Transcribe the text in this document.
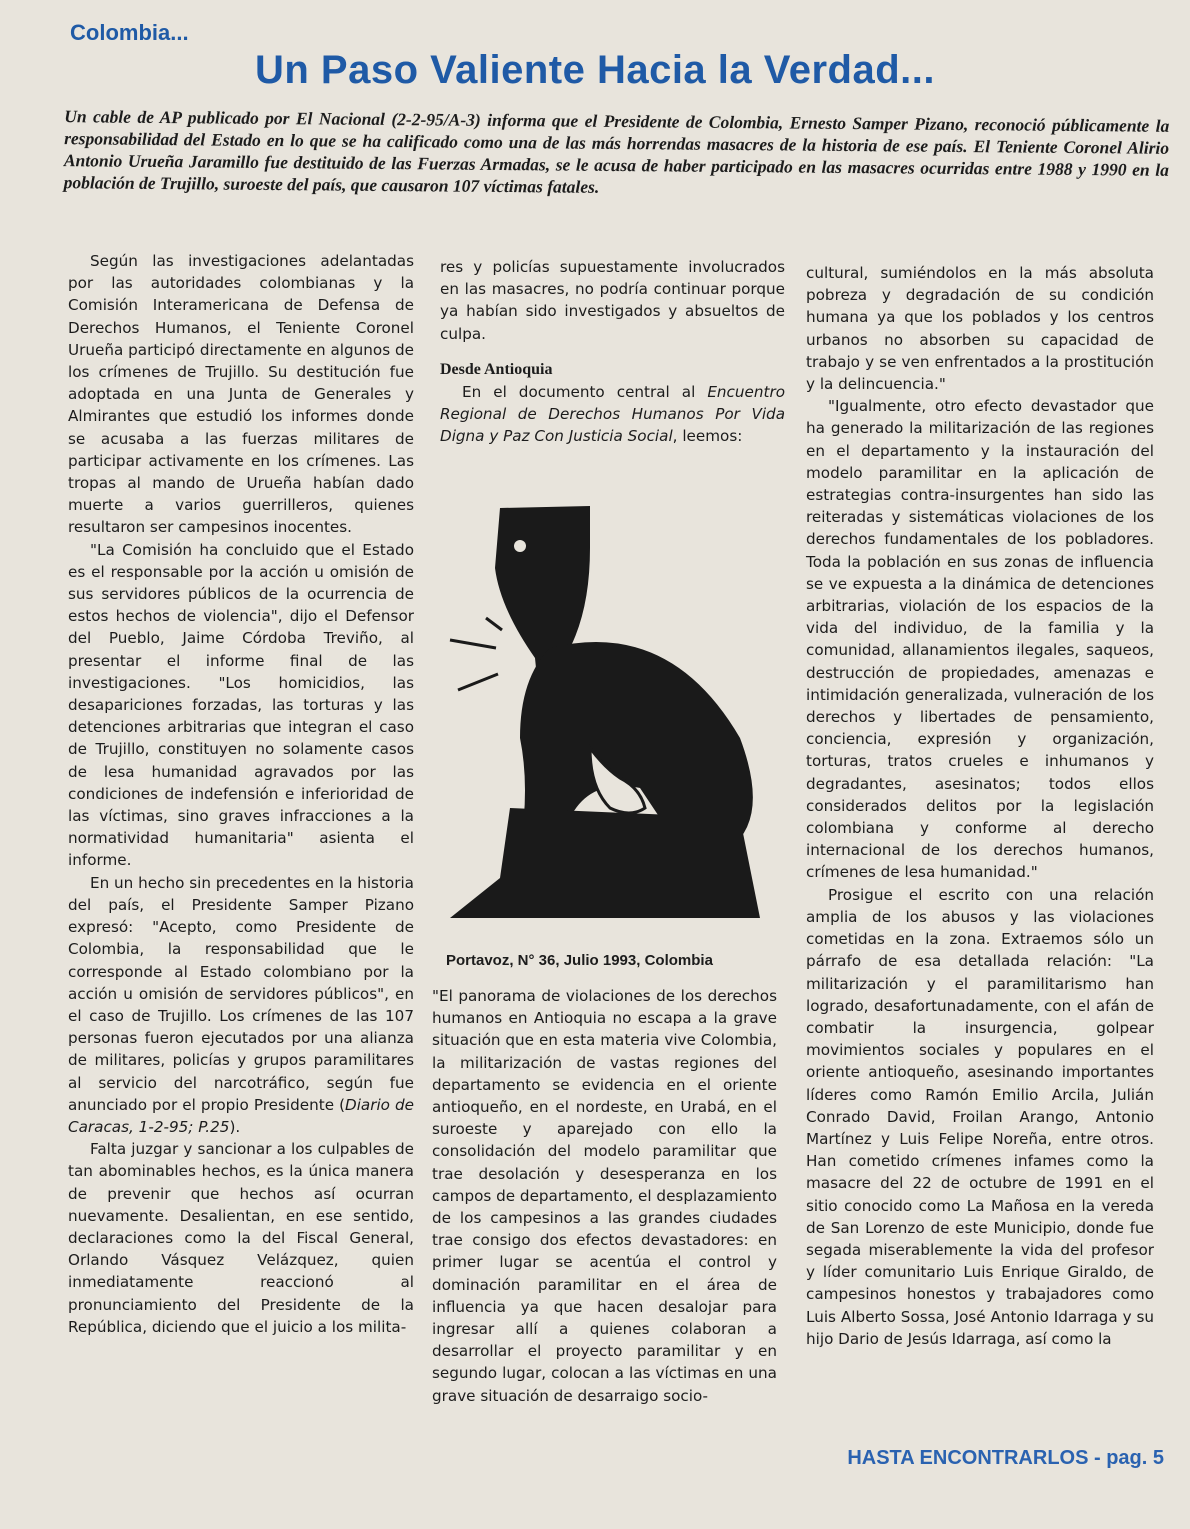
Colombia...
Un Paso Valiente Hacia la Verdad...
Un cable de AP publicado por El Nacional (2-2-95/A-3) informa que el Presidente de Colombia, Ernesto Samper Pizano, reconoció públicamente la responsabilidad del Estado en lo que se ha calificado como una de las más horrendas masacres de la historia de ese país. El Teniente Coronel Alirio Antonio Urueña Jaramillo fue destituido de las Fuerzas Armadas, se le acusa de haber participado en las masacres ocurridas entre 1988 y 1990 en la población de Trujillo, suroeste del país, que causaron 107 víctimas fatales.

Según las investigaciones adelantadas por las autoridades colombianas y la Comisión Interamericana de Defensa de Derechos Humanos, el Teniente Coronel Urueña participó directamente en algunos de los crímenes de Trujillo. Su destitución fue adoptada en una Junta de Generales y Almirantes que estudió los informes donde se acusaba a las fuerzas militares de participar activamente en los crímenes. Las tropas al mando de Urueña habían dado muerte a varios guerrilleros, quienes resultaron ser campesinos inocentes.

"La Comisión ha concluido que el Estado es el responsable por la acción u omisión de sus servidores públicos de la ocurrencia de estos hechos de violencia", dijo el Defensor del Pueblo, Jaime Córdoba Treviño, al presentar el informe final de las investigaciones. "Los homicidios, las desapariciones forzadas, las torturas y las detenciones arbitrarias que integran el caso de Trujillo, constituyen no solamente casos de lesa humanidad agravados por las condiciones de indefensión e inferioridad de las víctimas, sino graves infracciones a la normatividad humanitaria" asienta el informe.

En un hecho sin precedentes en la historia del país, el Presidente Samper Pizano expresó: "Acepto, como Presidente de Colombia, la responsabilidad que le corresponde al Estado colombiano por la acción u omisión de servidores públicos", en el caso de Trujillo. Los crímenes de las 107 personas fueron ejecutados por una alianza de militares, policías y grupos paramilitares al servicio del narcotráfico, según fue anunciado por el propio Presidente (Diario de Caracas, 1-2-95; P.25).

Falta juzgar y sancionar a los culpables de tan abominables hechos, es la única manera de prevenir que hechos así ocurran nuevamente. Desalientan, en ese sentido, declaraciones como la del Fiscal General, Orlando Vásquez Velázquez, quien inmediatamente reaccionó al pronunciamiento del Presidente de la República, diciendo que el juicio a los milita-

res y policías supuestamente involucrados en las masacres, no podría continuar porque ya habían sido investigados y absueltos de culpa.

Desde Antioquia

En el documento central al Encuentro Regional de Derechos Humanos Por Vida Digna y Paz Con Justicia Social, leemos:

Portavoz, N° 36, Julio 1993, Colombia

"El panorama de violaciones de los derechos humanos en Antioquia no escapa a la grave situación que en esta materia vive Colombia, la militarización de vastas regiones del departamento se evidencia en el oriente antioqueño, en el nordeste, en Urabá, en el suroeste y aparejado con ello la consolidación del modelo paramilitar que trae desolación y desesperanza en los campos de departamento, el desplazamiento de los campesinos a las grandes ciudades trae consigo dos efectos devastadores: en primer lugar se acentúa el control y dominación paramilitar en el área de influencia ya que hacen desalojar para ingresar allí a quienes colaboran a desarrollar el proyecto paramilitar y en segundo lugar, colocan a las víctimas en una grave situación de desarraigo socio-

cultural, sumiéndolos en la más absoluta pobreza y degradación de su condición humana ya que los poblados y los centros urbanos no absorben su capacidad de trabajo y se ven enfrentados a la prostitución y la delincuencia."

"Igualmente, otro efecto devastador que ha generado la militarización de las regiones en el departamento y la instauración del modelo paramilitar en la aplicación de estrategias contra-insurgentes han sido las reiteradas y sistemáticas violaciones de los derechos fundamentales de los pobladores. Toda la población en sus zonas de influencia se ve expuesta a la dinámica de detenciones arbitrarias, violación de los espacios de la vida del individuo, de la familia y la comunidad, allanamientos ilegales, saqueos, destrucción de propiedades, amenazas e intimidación generalizada, vulneración de los derechos y libertades de pensamiento, conciencia, expresión y organización, torturas, tratos crueles e inhumanos y degradantes, asesinatos; todos ellos considerados delitos por la legislación colombiana y conforme al derecho internacional de los derechos humanos, crímenes de lesa humanidad."

Prosigue el escrito con una relación amplia de los abusos y las violaciones cometidas en la zona. Extraemos sólo un párrafo de esa detallada relación: "La militarización y el paramilitarismo han logrado, desafortunadamente, con el afán de combatir la insurgencia, golpear movimientos sociales y populares en el oriente antioqueño, asesinando importantes líderes como Ramón Emilio Arcila, Julián Conrado David, Froilan Arango, Antonio Martínez y Luis Felipe Noreña, entre otros. Han cometido crímenes infames como la masacre del 22 de octubre de 1991 en el sitio conocido como La Mañosa en la vereda de San Lorenzo de este Municipio, donde fue segada miserablemente la vida del profesor y líder comunitario Luis Enrique Giraldo, de campesinos honestos y trabajadores como Luis Alberto Sossa, José Antonio Idarraga y su hijo Dario de Jesús Idarraga, así como la

HASTA ENCONTRARLOS - pag. 5
